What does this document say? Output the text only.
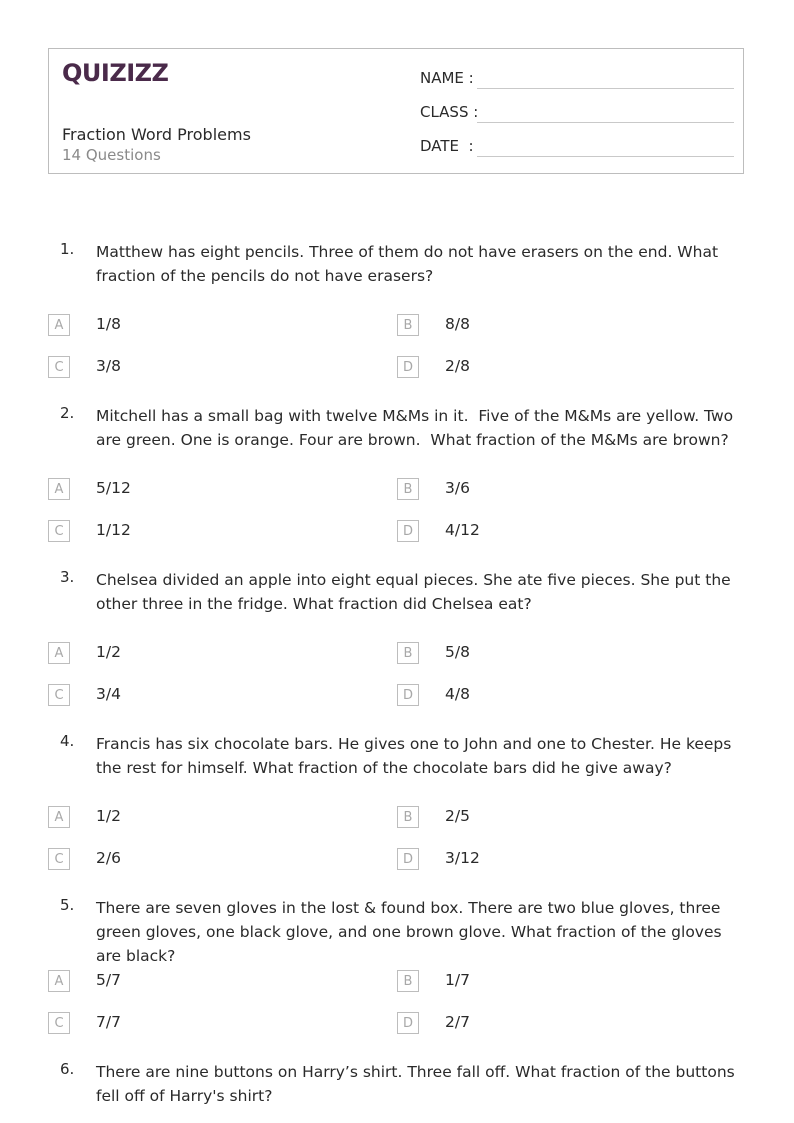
QUIZIZZ
Fraction Word Problems
14 Questions
NAME :
CLASS :
DATE  :
1. Matthew has eight pencils. Three of them do not have erasers on the end. What fraction of the pencils do not have erasers?
A	1/8	B	8/8
C	3/8	D	2/8
2. Mitchell has a small bag with twelve M&Ms in it.  Five of the M&Ms are yellow. Two are green. One is orange. Four are brown.  What fraction of the M&Ms are brown?
A	5/12	B	3/6
C	1/12	D	4/12
3. Chelsea divided an apple into eight equal pieces. She ate five pieces. She put the other three in the fridge. What fraction did Chelsea eat?
A	1/2	B	5/8
C	3/4	D	4/8
4. Francis has six chocolate bars. He gives one to John and one to Chester. He keeps the rest for himself. What fraction of the chocolate bars did he give away?
A	1/2	B	2/5
C	2/6	D	3/12
5. There are seven gloves in the lost & found box. There are two blue gloves, three green gloves, one black glove, and one brown glove. What fraction of the gloves are black?
A	5/7	B	1/7
C	7/7	D	2/7
6. There are nine buttons on Harry’s shirt. Three fall off. What fraction of the buttons fell off of Harry's shirt?
